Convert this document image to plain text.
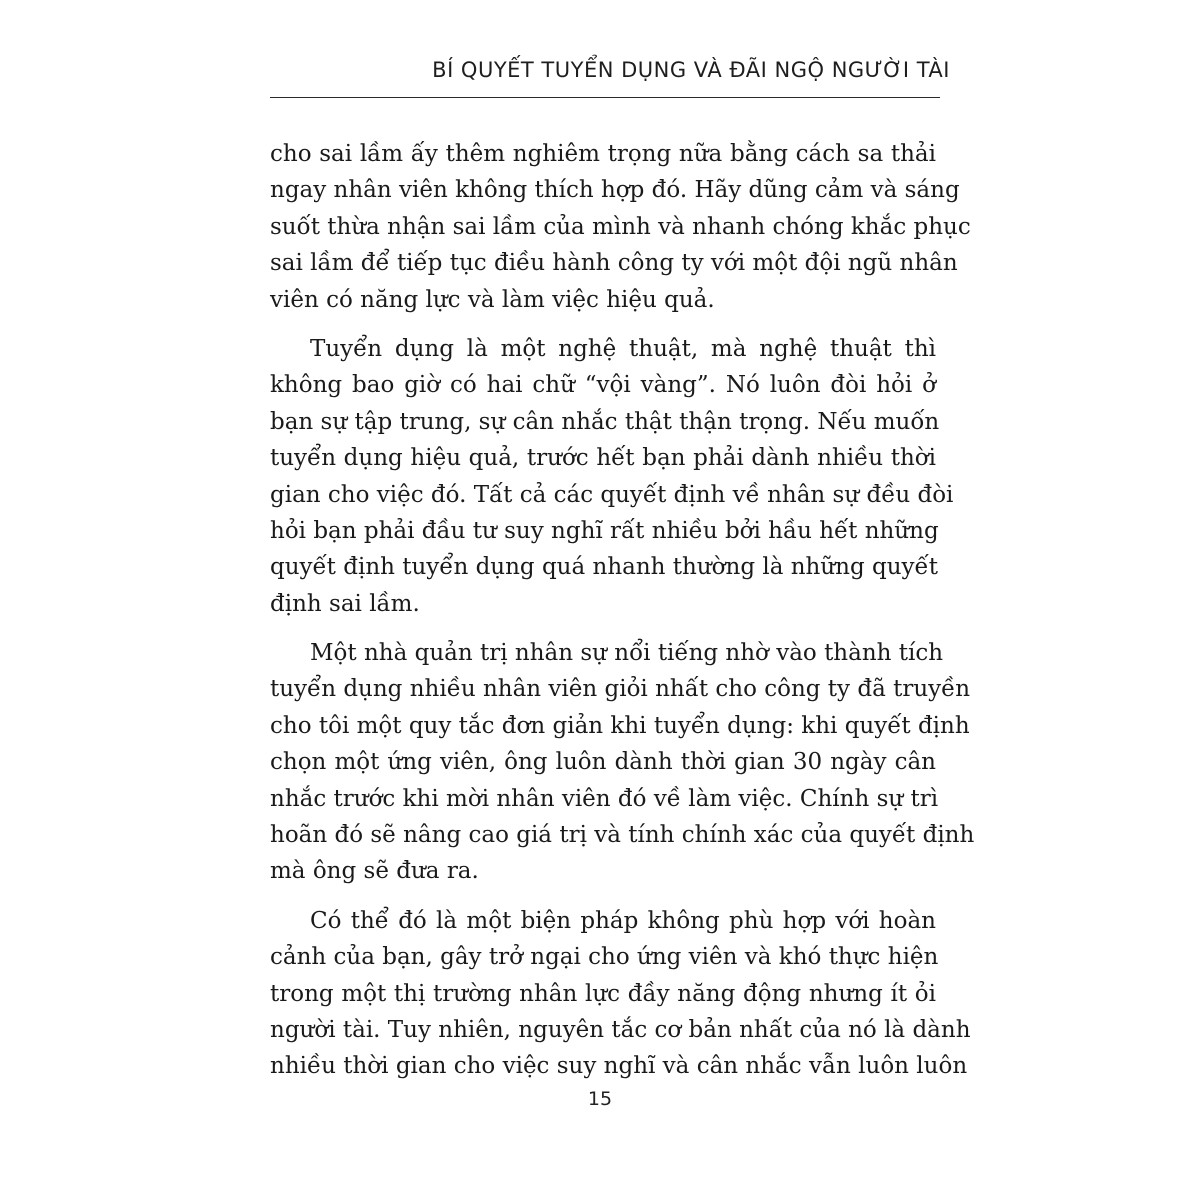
BÍ QUYẾT TUYỂN DỤNG VÀ ĐÃI NGỘ NGƯỜI TÀI
cho sai lầm ấy thêm nghiêm trọng nữa bằng cách sa thải
ngay nhân viên không thích hợp đó. Hãy dũng cảm và sáng
suốt thừa nhận sai lầm của mình và nhanh chóng khắc phục
sai lầm để tiếp tục điều hành công ty với một đội ngũ nhân
viên có năng lực và làm việc hiệu quả.
Tuyển dụng là một nghệ thuật, mà nghệ thuật thì
không bao giờ có hai chữ “vội vàng”. Nó luôn đòi hỏi ở
bạn sự tập trung, sự cân nhắc thật thận trọng. Nếu muốn
tuyển dụng hiệu quả, trước hết bạn phải dành nhiều thời
gian cho việc đó. Tất cả các quyết định về nhân sự đều đòi
hỏi bạn phải đầu tư suy nghĩ rất nhiều bởi hầu hết những
quyết định tuyển dụng quá nhanh thường là những quyết
định sai lầm.
Một nhà quản trị nhân sự nổi tiếng nhờ vào thành tích
tuyển dụng nhiều nhân viên giỏi nhất cho công ty đã truyền
cho tôi một quy tắc đơn giản khi tuyển dụng: khi quyết định
chọn một ứng viên, ông luôn dành thời gian 30 ngày cân
nhắc trước khi mời nhân viên đó về làm việc. Chính sự trì
hoãn đó sẽ nâng cao giá trị và tính chính xác của quyết định
mà ông sẽ đưa ra.
Có thể đó là một biện pháp không phù hợp với hoàn
cảnh của bạn, gây trở ngại cho ứng viên và khó thực hiện
trong một thị trường nhân lực đầy năng động nhưng ít ỏi
người tài. Tuy nhiên, nguyên tắc cơ bản nhất của nó là dành
nhiều thời gian cho việc suy nghĩ và cân nhắc vẫn luôn luôn
15
